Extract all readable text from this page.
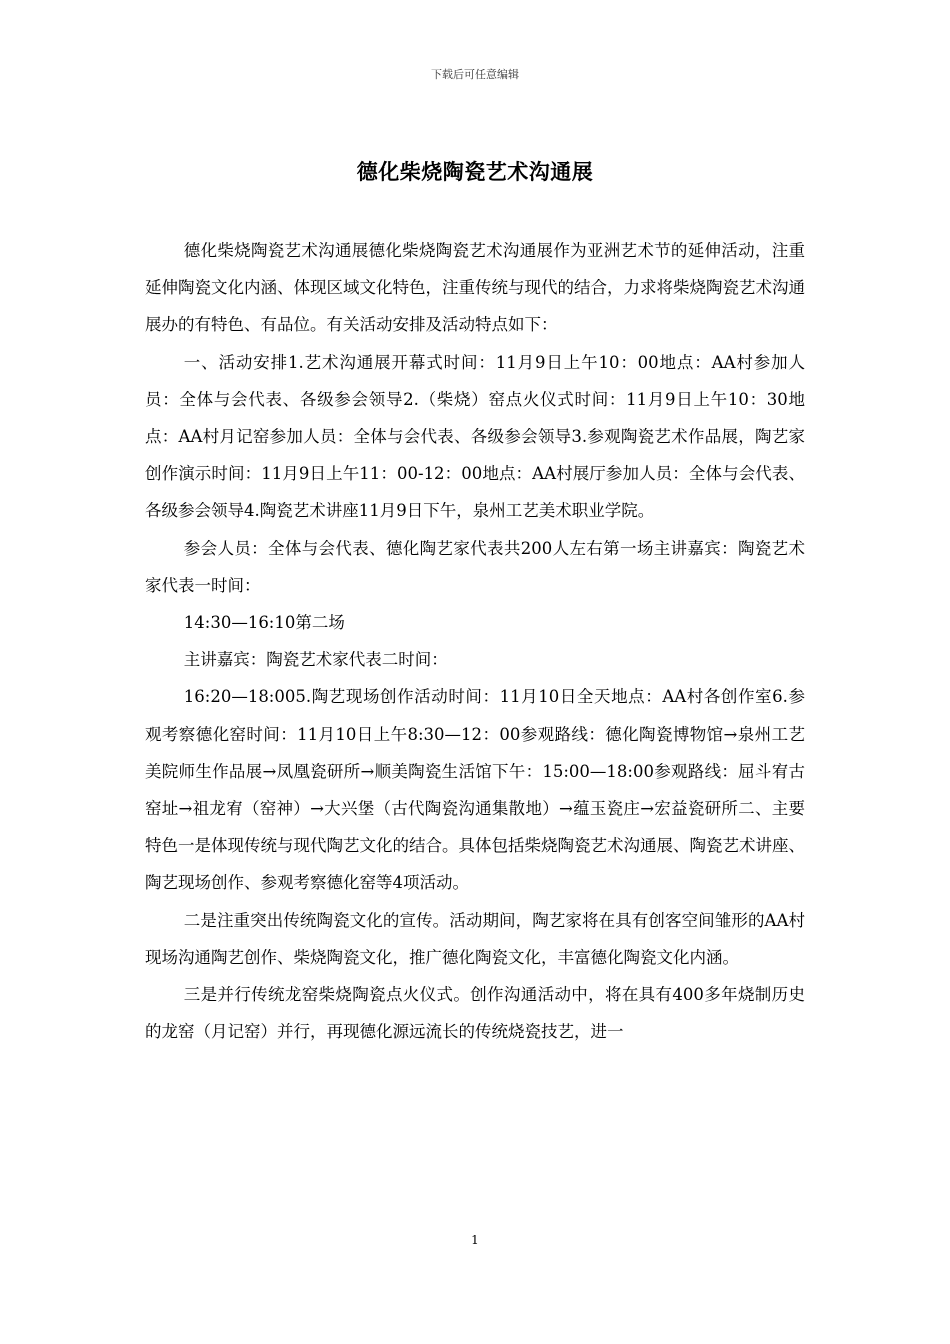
下载后可任意编辑
德化柴烧陶瓷艺术沟通展

德化柴烧陶瓷艺术沟通展德化柴烧陶瓷艺术沟通展作为亚洲艺术节的延伸活动，注重延伸陶瓷文化内涵、体现区域文化特色，注重传统与现代的结合，力求将柴烧陶瓷艺术沟通展办的有特色、有品位。有关活动安排及活动特点如下：

一、活动安排1.艺术沟通展开幕式时间：11月9日上午10：00地点：AA村参加人员：全体与会代表、各级参会领导2.（柴烧）窑点火仪式时间：11月9日上午10：30地点：AA村月记窑参加人员：全体与会代表、各级参会领导3.参观陶瓷艺术作品展，陶艺家创作演示时间：11月9日上午11：00-12：00地点：AA村展厅参加人员：全体与会代表、各级参会领导4.陶瓷艺术讲座11月9日下午，泉州工艺美术职业学院。

参会人员：全体与会代表、德化陶艺家代表共200人左右第一场主讲嘉宾：陶瓷艺术家代表一时间：

14:30—16:10第二场

主讲嘉宾：陶瓷艺术家代表二时间：

16:20—18:005.陶艺现场创作活动时间：11月10日全天地点：AA村各创作室6.参观考察德化窑时间：11月10日上午8:30—12：00参观路线：德化陶瓷博物馆→泉州工艺美院师生作品展→凤凰瓷研所→顺美陶瓷生活馆下午：15:00—18:00参观路线：屈斗宥古窑址→祖龙宥（窑神）→大兴堡（古代陶瓷沟通集散地）→蕴玉瓷庄→宏益瓷研所二、主要特色一是体现传统与现代陶艺文化的结合。具体包括柴烧陶瓷艺术沟通展、陶瓷艺术讲座、陶艺现场创作、参观考察德化窑等4项活动。

二是注重突出传统陶瓷文化的宣传。活动期间，陶艺家将在具有创客空间雏形的AA村现场沟通陶艺创作、柴烧陶瓷文化，推广德化陶瓷文化，丰富德化陶瓷文化内涵。

三是并行传统龙窑柴烧陶瓷点火仪式。创作沟通活动中，将在具有400多年烧制历史的龙窑（月记窑）并行，再现德化源远流长的传统烧瓷技艺，进一

1
